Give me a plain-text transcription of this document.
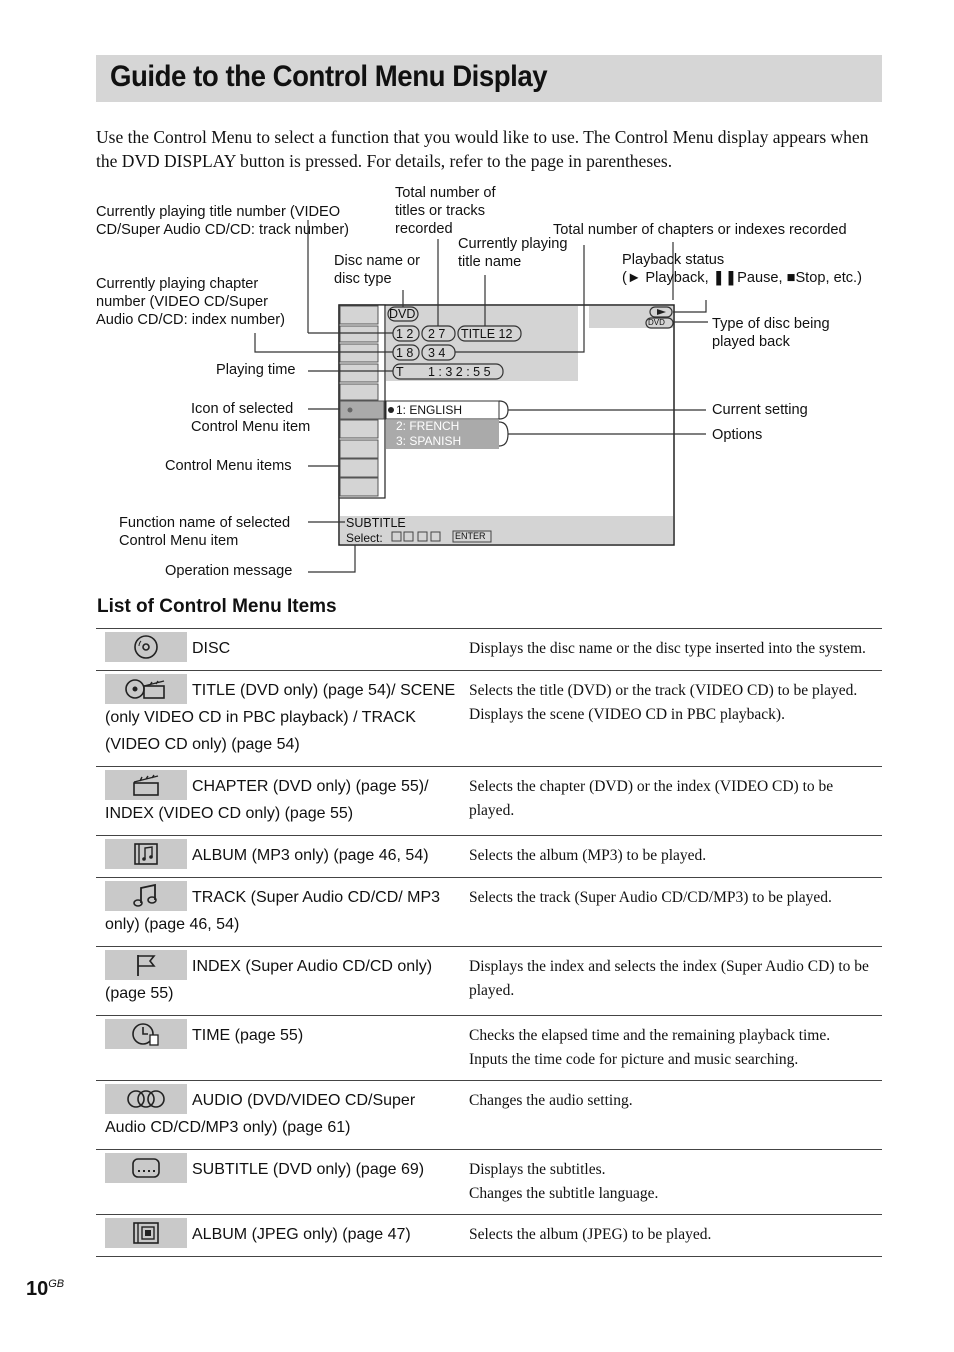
Guide to the Control Menu Display
Use the Control Menu to select a function that you would like to use. The Control Menu display appears when the DVD DISPLAY button is pressed. For details, refer to the page in parentheses.
Currently playing title number (VIDEO
CD/Super Audio CD/CD: track number)
Total number of
titles or tracks
recorded	Total number of chapters or indexes recorded
Currently playing
title name
Disc name or
disc type
Playback status
(► Playback, ❚❚Pause, ■Stop, etc.)
Currently playing chapter
number (VIDEO CD/Super
Audio CD/CD: index number)	Type of disc being
played back
Playing time
Icon of selected
Control Menu item
Current setting
Options
Control Menu items
Function name of selected
Control Menu item
Operation message
DVD
1 2 2 7 TITLE 12
1 8 3 4
T 1 : 3 2 : 5 5
DVD
1: ENGLISH
2: FRENCH
3: SPANISH
SUBTITLE
Select:	ENTER
List of Control Menu Items
DISC	Displays the disc name or the disc type inserted into the system.

TITLE (DVD only) (page 54)/ SCENE (only VIDEO CD in PBC playback) / TRACK (VIDEO CD only) (page 54)	Selects the title (DVD) or the track (VIDEO CD) to be played.
Displays the scene (VIDEO CD in PBC playback).

CHAPTER (DVD only) (page 55)/ INDEX (VIDEO CD only) (page 55)	Selects the chapter (DVD) or the index (VIDEO CD) to be played.

ALBUM (MP3 only) (page 46, 54)	Selects the album (MP3) to be played.

TRACK (Super Audio CD/CD/ MP3 only) (page 46, 54)	Selects the track (Super Audio CD/CD/MP3) to be played.

INDEX (Super Audio CD/CD only) (page 55)	Displays the index and selects the index (Super Audio CD) to be played.

TIME (page 55)	Checks the elapsed time and the remaining playback time.
Inputs the time code for picture and music searching.

AUDIO (DVD/VIDEO CD/Super Audio CD/CD/MP3 only) (page 61)	Changes the audio setting.

SUBTITLE (DVD only) (page 69)	Displays the subtitles.
Changes the subtitle language.

ALBUM (JPEG only) (page 47)	Selects the album (JPEG) to be played.
$10^{GB}$
